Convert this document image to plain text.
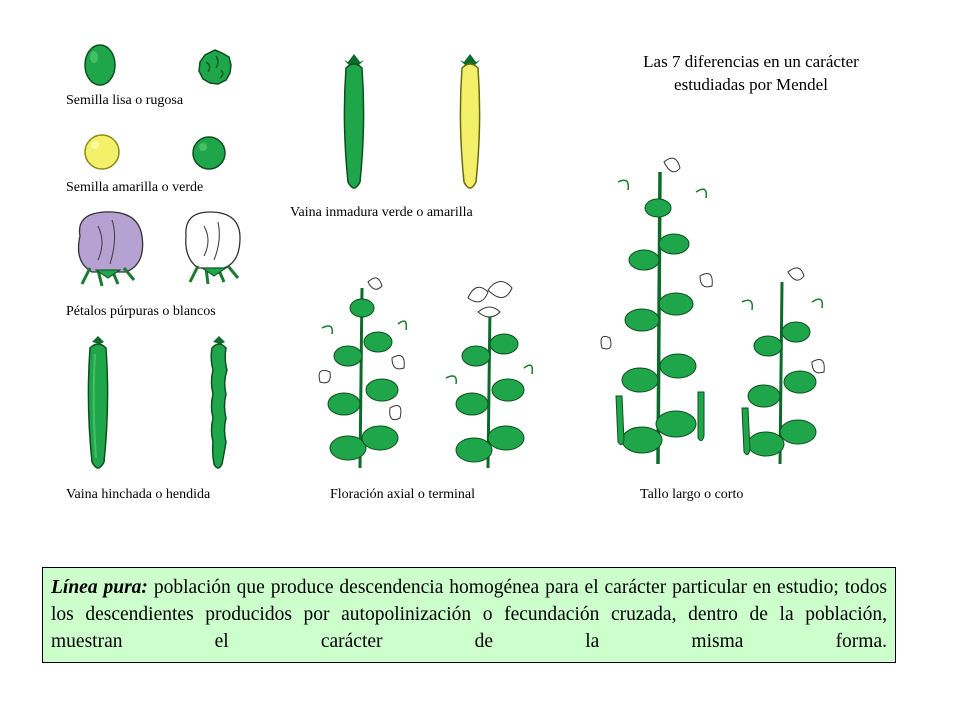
Las 7 diferencias en un carácter estudiadas por Mendel
Semilla lisa o rugosa
Semilla amarilla o verde
Pétalos púrpuras o blancos
Vaina hinchada o hendida
Vaina inmadura verde o amarilla
Floración axial o terminal	Tallo largo o corto
Línea pura: población que produce descendencia homogénea para el carácter particular en estudio; todos los descendientes producidos por autopolinización o fecundación cruzada, dentro de la población, muestran el carácter de la misma forma.
